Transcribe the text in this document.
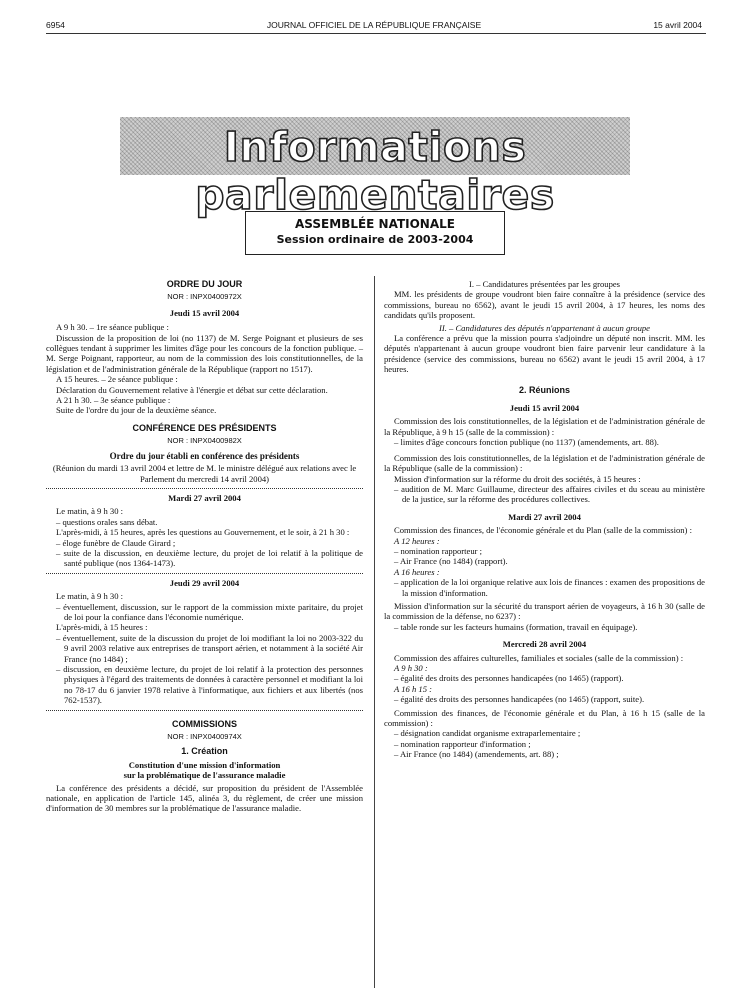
6954	JOURNAL OFFICIEL DE LA RÉPUBLIQUE FRANÇAISE	15 avril 2004
Informations parlementaires
ASSEMBLÉE NATIONALE
Session ordinaire de 2003-2004

ORDRE DU JOUR

NOR : INPX0400972X

Jeudi 15 avril 2004

A 9 h 30. – 1re séance publique :

Discussion de la proposition de loi (no 1137) de M. Serge Poignant et plusieurs de ses collègues tendant à supprimer les limites d'âge pour les concours de la fonction publique. – M. Serge Poignant, rapporteur, au nom de la commission des lois constitutionnelles, de la législation et de l'administration générale de la République (rapport no 1517).

A 15 heures. – 2e séance publique :

Déclaration du Gouvernement relative à l'énergie et débat sur cette déclaration.

A 21 h 30. – 3e séance publique :

Suite de l'ordre du jour de la deuxième séance.

CONFÉRENCE DES PRÉSIDENTS

NOR : INPX0400982X

Ordre du jour établi en conférence des présidents

(Réunion du mardi 13 avril 2004 et lettre de M. le ministre délégué aux relations avec le Parlement du mercredi 14 avril 2004)

Mardi 27 avril 2004

Le matin, à 9 h 30 :

– questions orales sans débat.

L'après-midi, à 15 heures, après les questions au Gouvernement, et le soir, à 21 h 30 :

– éloge funèbre de Claude Girard ;

– suite de la discussion, en deuxième lecture, du projet de loi relatif à la politique de santé publique (nos 1364-1473).

Jeudi 29 avril 2004

Le matin, à 9 h 30 :

– éventuellement, discussion, sur le rapport de la commission mixte paritaire, du projet de loi pour la confiance dans l'économie numérique.

L'après-midi, à 15 heures :

– éventuellement, suite de la discussion du projet de loi modifiant la loi no 2003-322 du 9 avril 2003 relative aux entreprises de transport aérien, et notamment à la société Air France (no 1484) ;

– discussion, en deuxième lecture, du projet de loi relatif à la protection des personnes physiques à l'égard des traitements de données à caractère personnel et modifiant la loi no 78-17 du 6 janvier 1978 relative à l'informatique, aux fichiers et aux libertés (nos 762-1537).

COMMISSIONS

NOR : INPX0400974X

1. Création

Constitution d'une mission d'information

sur la problématique de l'assurance maladie

La conférence des présidents a décidé, sur proposition du président de l'Assemblée nationale, en application de l'article 145, alinéa 3, du règlement, de créer une mission d'information de 30 membres sur la problématique de l'assurance maladie.

I. – Candidatures présentées par les groupes

MM. les présidents de groupe voudront bien faire connaître à la présidence (service des commissions, bureau no 6562), avant le jeudi 15 avril 2004, à 17 heures, les noms des candidats qu'ils proposent.

II. – Candidatures des députés n'appartenant à aucun groupe

La conférence a prévu que la mission pourra s'adjoindre un député non inscrit. MM. les députés n'appartenant à aucun groupe voudront bien faire parvenir leur candidature à la présidence (service des commissions, bureau no 6562) avant le jeudi 15 avril 2004, à 17 heures.

2. Réunions

Jeudi 15 avril 2004

Commission des lois constitutionnelles, de la législation et de l'administration générale de la République, à 9 h 15 (salle de la commission) :

– limites d'âge concours fonction publique (no 1137) (amendements, art. 88).

Commission des lois constitutionnelles, de la législation et de l'administration générale de la République (salle de la commission) :

Mission d'information sur la réforme du droit des sociétés, à 15 heures :

– audition de M. Marc Guillaume, directeur des affaires civiles et du sceau au ministère de la justice, sur la réforme des procédures collectives.

Mardi 27 avril 2004

Commission des finances, de l'économie générale et du Plan (salle de la commission) :

A 12 heures :

– nomination rapporteur ;

– Air France (no 1484) (rapport).

A 16 heures :

– application de la loi organique relative aux lois de finances : examen des propositions de la mission d'information.

Mission d'information sur la sécurité du transport aérien de voyageurs, à 16 h 30 (salle de la commission de la défense, no 6237) :

– table ronde sur les facteurs humains (formation, travail en équipage).

Mercredi 28 avril 2004

Commission des affaires culturelles, familiales et sociales (salle de la commission) :

A 9 h 30 :

– égalité des droits des personnes handicapées (no 1465) (rapport).

A 16 h 15 :

– égalité des droits des personnes handicapées (no 1465) (rapport, suite).

Commission des finances, de l'économie générale et du Plan, à 16 h 15 (salle de la commission) :

– désignation candidat organisme extraparlementaire ;

– nomination rapporteur d'information ;

– Air France (no 1484) (amendements, art. 88) ;
